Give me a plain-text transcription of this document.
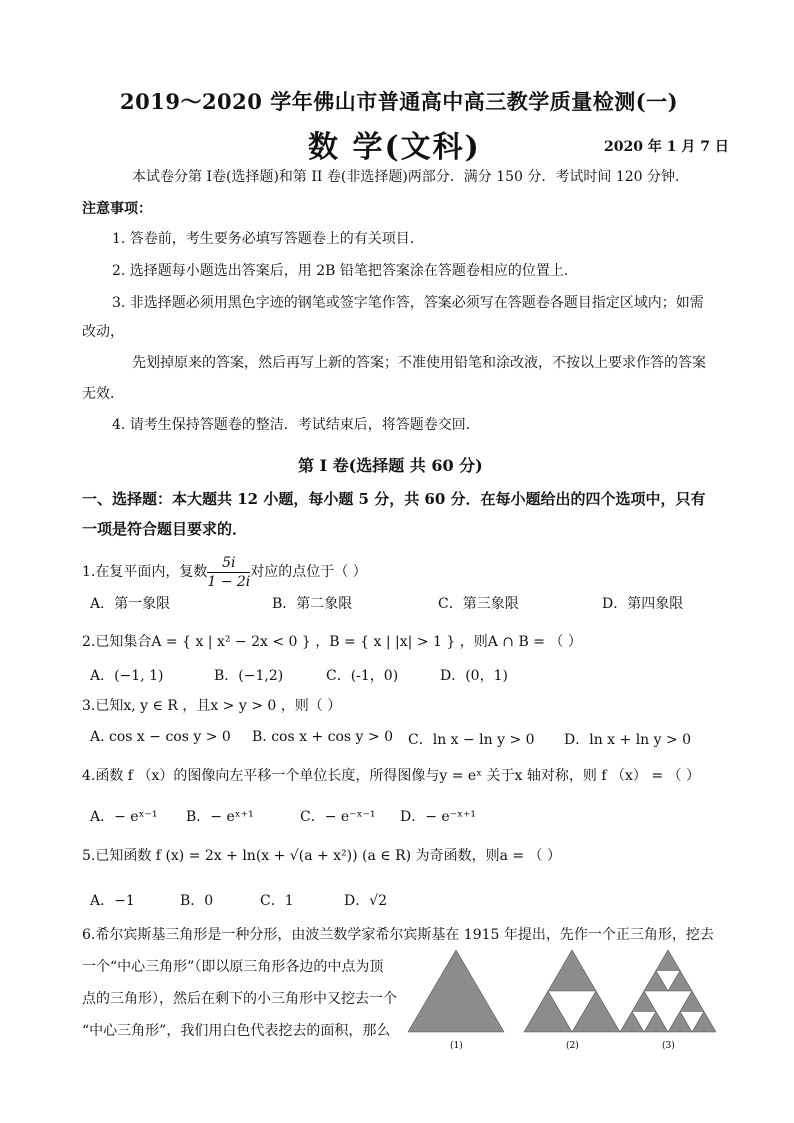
2019～2020 学年佛山市普通高中高三教学质量检测(一)
数 学(文科)	2020 年 1 月 7 日
本试卷分第 I卷(选择题)和第 II 卷(非选择题)两部分．满分 150 分．考试时间 120 分钟．
注意事项：
1. 答卷前，考生要务必填写答题卷上的有关项目．
2. 选择题每小题选出答案后，用 2B 铅笔把答案涂在答题卷相应的位置上．
3. 非选择题必须用黑色字迹的钢笔或签字笔作答，答案必须写在答题卷各题目指定区域内；如需
改动，
先划掉原来的答案，然后再写上新的答案；不准使用铅笔和涂改液，不按以上要求作答的答案
无效．
4. 请考生保持答题卷的整洁．考试结束后，将答题卷交回．
第 I 卷(选择题 共 60 分)
一、选择题：本大题共 12 小题，每小题 5 分，共 60 分．在每小题给出的四个选项中，只有
一项是符合题目要求的．
1.在复平面内，复数 $\frac{5i}{1 - 2i}$ 对应的点位于（ ）
A．第一象限	B．第二象限	C．第三象限	D．第四象限
2.已知集合A = { x | x² − 2x < 0 } ，B = { x | |x| > 1 } ，则A ∩ B = （ ）
A．(−1, 1)	B．(−1,2)	C．(-1，0)	D．(0，1)
3.已知x, y ∈ R ，且x > y > 0 ，则（ ）
A. cos x − cos y > 0 B. cos x + cos y > 0 C．ln x − ln y > 0 D．ln x + ln y > 0
4.函数 f （x）的图像向左平移一个单位长度，所得图像与y = eˣ 关于x 轴对称，则 f （x） = （ ）
A．− eˣ⁻¹ B．− eˣ⁺¹	C．− e⁻ˣ⁻¹ D．− e⁻ˣ⁺¹
5.已知函数 f (x) = 2x + ln(x + √(a + x²)) (a ∈ R) 为奇函数，则a = （ ）
A．−1	B．0	C．1	D．√2
6.希尔宾斯基三角形是一种分形，由波兰数学家希尔宾斯基在 1915 年提出，先作一个正三角形，挖去
一个“中心三角形”（即以原三角形各边的中点为顶
点的三角形），然后在剩下的小三角形中又挖去一个
“中心三角形”，我们用白色代表挖去的面积，那么
(1)	(2)	(3)
